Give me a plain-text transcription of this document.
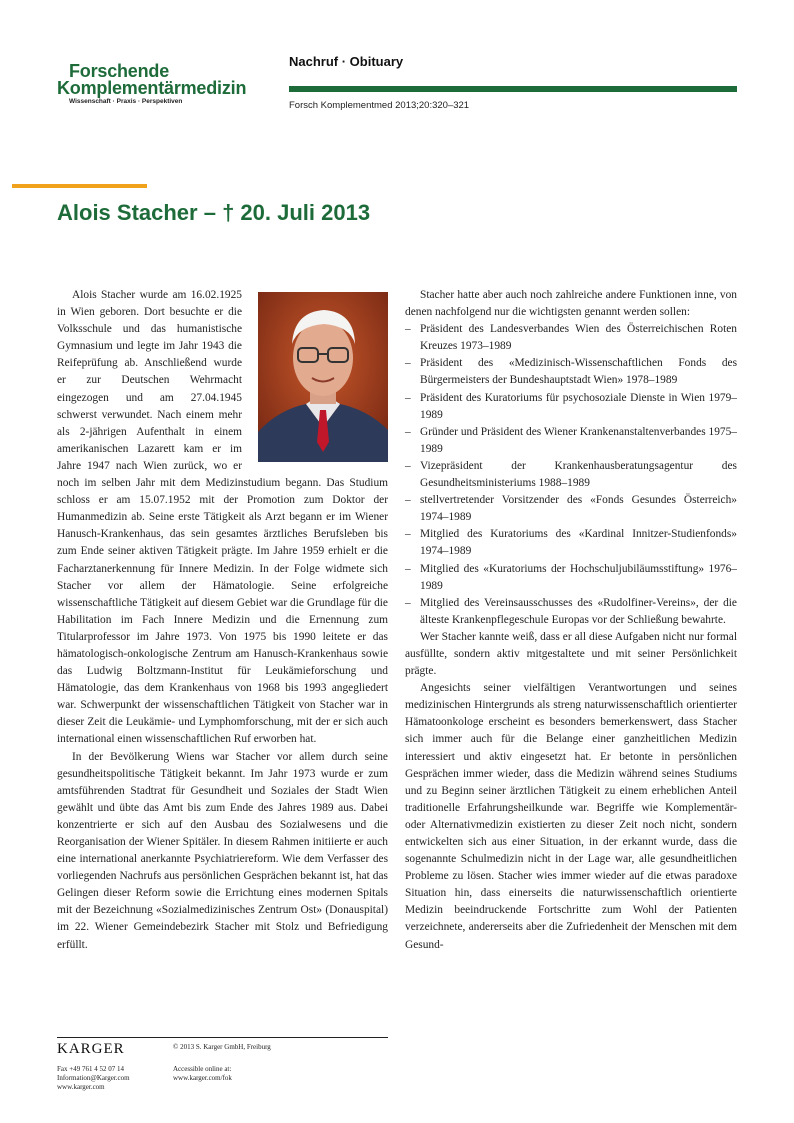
Forschende
Komplementärmedizin
Wissenschaft · Praxis · Perspektiven
Nachruf · Obituary
Forsch Komplementmed 2013;20:320–321
Alois Stacher – † 20. Juli 2013

Alois Stacher wurde am 16.02.1925 in Wien geboren. Dort besuchte er die Volksschule und das humanistische Gymnasium und legte im Jahr 1943 die Reifeprüfung ab. Anschließend wurde er zur Deutschen Wehrmacht eingezogen und am 27.04.1945 schwerst verwundet. Nach einem mehr als 2-jährigen Aufenthalt in einem amerikanischen Lazarett kam er im Jahre 1947 nach Wien zurück, wo er noch im selben Jahr mit dem Medizinstudium begann. Das Studium schloss er am 15.07.1952 mit der Promotion zum Doktor der Humanmedizin ab. Seine erste Tätigkeit als Arzt begann er im Wiener Hanusch-Krankenhaus, das sein gesamtes ärztliches Berufsleben bis zum Ende seiner aktiven Tätigkeit prägte. Im Jahre 1959 erhielt er die Facharztanerkennung für Innere Medizin. In der Folge widmete sich Stacher vor allem der Hämatologie. Seine erfolgreiche wissenschaftliche Tätigkeit auf diesem Gebiet war die Grundlage für die Habilitation im Fach Innere Medizin und die Ernennung zum Titularprofessor im Jahre 1973. Von 1975 bis 1990 leitete er das hämatologisch-onkologische Zentrum am Hanusch-Krankenhaus sowie das Ludwig Boltzmann-Institut für Leukämieforschung und Hämatologie, das dem Krankenhaus von 1968 bis 1993 angegliedert war. Schwerpunkt der wissenschaftlichen Tätigkeit von Stacher war in dieser Zeit die Leukämie- und Lymphomforschung, mit der er sich auch international einen wissenschaftlichen Ruf erworben hat.

In der Bevölkerung Wiens war Stacher vor allem durch seine gesundheitspolitische Tätigkeit bekannt. Im Jahr 1973 wurde er zum amtsführenden Stadtrat für Gesundheit und Soziales der Stadt Wien gewählt und übte das Amt bis zum Ende des Jahres 1989 aus. Dabei konzentrierte er sich auf den Ausbau des Sozialwesens und die Reorganisation der Wiener Spitäler. In diesem Rahmen initiierte er auch eine international anerkannte Psychiatriereform. Wie dem Verfasser des vorliegenden Nachrufs aus persönlichen Gesprächen bekannt ist, hat das Gelingen dieser Reform sowie die Errichtung eines modernen Spitals mit der Bezeichnung «Sozialmedizinisches Zentrum Ost» (Donauspital) im 22. Wiener Gemeindebezirk Stacher mit Stolz und Befriedigung erfüllt.

Stacher hatte aber auch noch zahlreiche andere Funktionen inne, von denen nachfolgend nur die wichtigsten genannt werden sollen:

– Präsident des Landesverbandes Wien des Österreichischen Roten Kreuzes 1973–1989
– Präsident des «Medizinisch-Wissenschaftlichen Fonds des Bürgermeisters der Bundeshauptstadt Wien» 1978–1989
– Präsident des Kuratoriums für psychosoziale Dienste in Wien 1979–1989
– Gründer und Präsident des Wiener Krankenanstaltenverbandes 1975–1989
– Vizepräsident der Krankenhausberatungsagentur des Gesundheitsministeriums 1988–1989
– stellvertretender Vorsitzender des «Fonds Gesundes Österreich» 1974–1989
– Mitglied des Kuratoriums des «Kardinal Innitzer-Studienfonds» 1974–1989
– Mitglied des «Kuratoriums der Hochschuljubiläumsstiftung» 1976–1989
– Mitglied des Vereinsausschusses des «Rudolfiner-Vereins», der die älteste Krankenpflegeschule Europas vor der Schließung bewahrte.

Wer Stacher kannte weiß, dass er all diese Aufgaben nicht nur formal ausfüllte, sondern aktiv mitgestaltete und mit seiner Persönlichkeit prägte.

Angesichts seiner vielfältigen Verantwortungen und seines medizinischen Hintergrunds als streng naturwissenschaftlich orientierter Hämatoonkologe erscheint es besonders bemerkenswert, dass Stacher sich immer auch für die Belange einer ganzheitlichen Medizin interessiert und aktiv eingesetzt hat. Er betonte in persönlichen Gesprächen immer wieder, dass die Medizin während seines Studiums und zu Beginn seiner ärztlichen Tätigkeit zu einem erheblichen Anteil traditionelle Erfahrungsheilkunde war. Begriffe wie Komplementär- oder Alternativmedizin existierten zu dieser Zeit noch nicht, sondern entwickelten sich aus einer Situation, in der erkannt wurde, dass die sogenannte Schulmedizin nicht in der Lage war, alle gesundheitlichen Probleme zu lösen. Stacher wies immer wieder auf die etwas paradoxe Situation hin, dass einerseits die naturwissenschaftlich orientierte Medizin beeindruckende Fortschritte zum Wohl der Patienten verzeichnete, andererseits aber die Zufriedenheit der Menschen mit dem Gesund-

KARGER	© 2013 S. Karger GmbH, Freiburg
Fax +49 761 4 52 07 14
Information@Karger.com
www.karger.com
Accessible online at:
www.karger.com/fok
